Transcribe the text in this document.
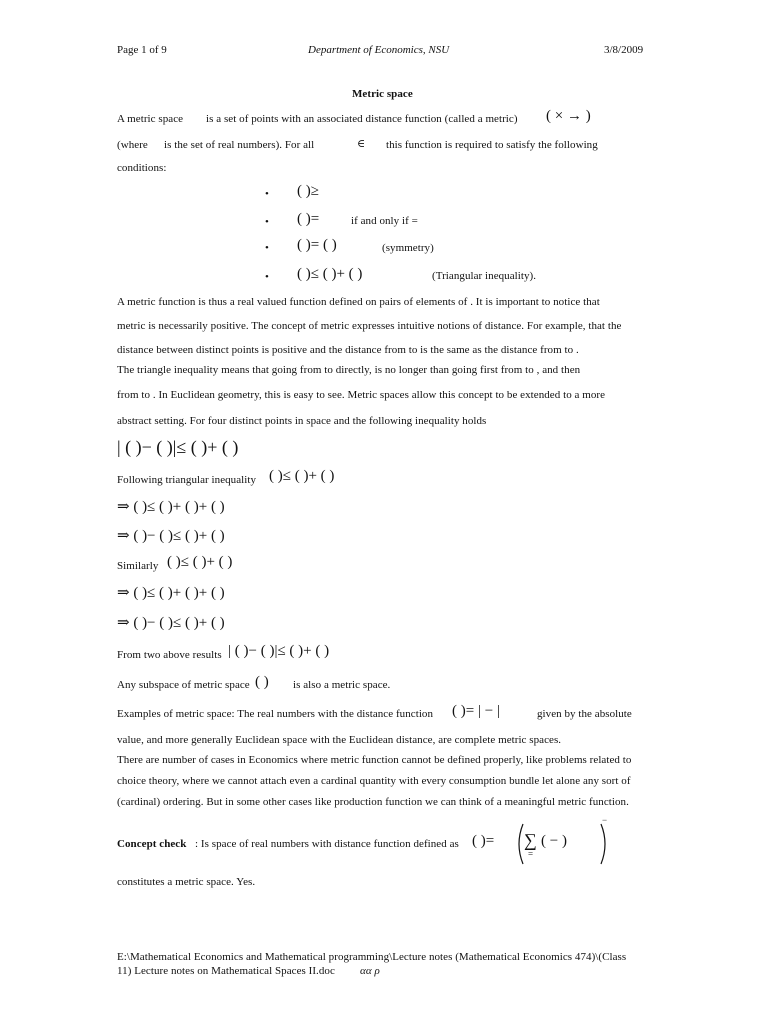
Page 1 of 9	Department of Economics, NSU	3/8/2009
Metric space
A metric space is a set of points with an associated distance function (called a metric) ( × → )
(where is the set of real numbers). For all	∈ this function is required to satisfy the following
conditions:
• ( )≥
• ( )=	if and only if =
• ( )= ( )	(symmetry)
• ( )≤ ( )+ ( )	(Triangular inequality).
A metric function is thus a real valued function defined on pairs of elements of . It is important to notice that
metric is necessarily positive. The concept of metric expresses intuitive notions of distance. For example, that the
distance between distinct points is positive and the distance from to is the same as the distance from to .
The triangle inequality means that going from to directly, is no longer than going first from to , and then
from to . In Euclidean geometry, this is easy to see. Metric spaces allow this concept to be extended to a more
abstract setting. For four distinct points in space and the following inequality holds
| ( )− ( )|≤ ( )+ ( )
Following triangular inequality ( )≤ ( )+ ( )
⇒ ( )≤ ( )+ ( )+ ( )
⇒ ( )− ( )≤ ( )+ ( )
Similarly ( )≤ ( )+ ( )
⇒ ( )≤ ( )+ ( )+ ( )
⇒ ( )− ( )≤ ( )+ ( )
From two above results | ( )− ( )|≤ ( )+ ( )
Any subspace of metric space ( ) is also a metric space.
Examples of metric space: The real numbers with the distance function ( )= | − |	given by the absolute
value, and more generally Euclidean space with the Euclidean distance, are complete metric spaces.
There are number of cases in Economics where metric function cannot be defined properly, like problems related to
choice theory, where we cannot attach even a cardinal quantity with every consumption bundle let alone any sort of
(cardinal) ordering. But in some other cases like production function we can think of a meaningful metric function.
Concept check : Is space of real numbers with distance function defined as ( )= ∑
=
( − )
−
constitutes a metric space. Yes.
E:\Mathematical Economics and Mathematical programming\Lecture notes (Mathematical Economics 474)\(Class
11) Lecture notes on Mathematical Spaces II.doc αα ρ
